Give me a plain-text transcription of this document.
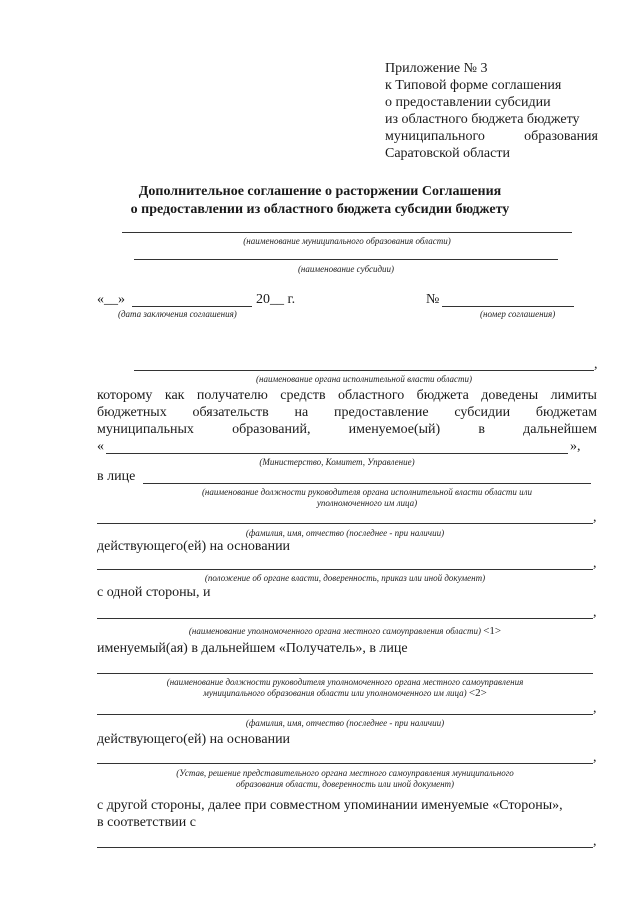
Приложение № 3
к Типовой форме соглашения
о предоставлении субсидии
из областного бюджета бюджету
муниципального	образования
Саратовской области
Дополнительное соглашение о расторжении Соглашения
о предоставлении из областного бюджета субсидии бюджету
(наименование муниципального образования области)
(наименование субсидии)
«__»	20__ г.
(дата заключения соглашения)
№
(номер соглашения)
,
(наименование органа исполнительной власти области)
которому как получателю средств областного бюджета доведены лимиты
бюджетных обязательств на предоставление субсидии бюджетам
муниципальных	образований,	именуемое(ый)	в	дальнейшем
«	»,
(Министерство, Комитет, Управление)
в лице
(наименование должности руководителя органа исполнительной власти области или
уполномоченного им лица)
,
(фамилия, имя, отчество (последнее - при наличии)
действующего(ей) на основании
,
(положение об органе власти, доверенность, приказ или иной документ)
с одной стороны, и
,
(наименование уполномоченного органа местного самоуправления области) <1>
именуемый(ая) в дальнейшем «Получатель», в лице
(наименование должности руководителя уполномоченного органа местного самоуправления
муниципального образования области или уполномоченного им лица) <2>
,
(фамилия, имя, отчество (последнее - при наличии)
действующего(ей) на основании
,
(Устав, решение представительного органа местного самоуправления муниципального
образования области, доверенность или иной документ)
с другой стороны, далее при совместном упоминании именуемые «Стороны»,
в соответствии с
,
